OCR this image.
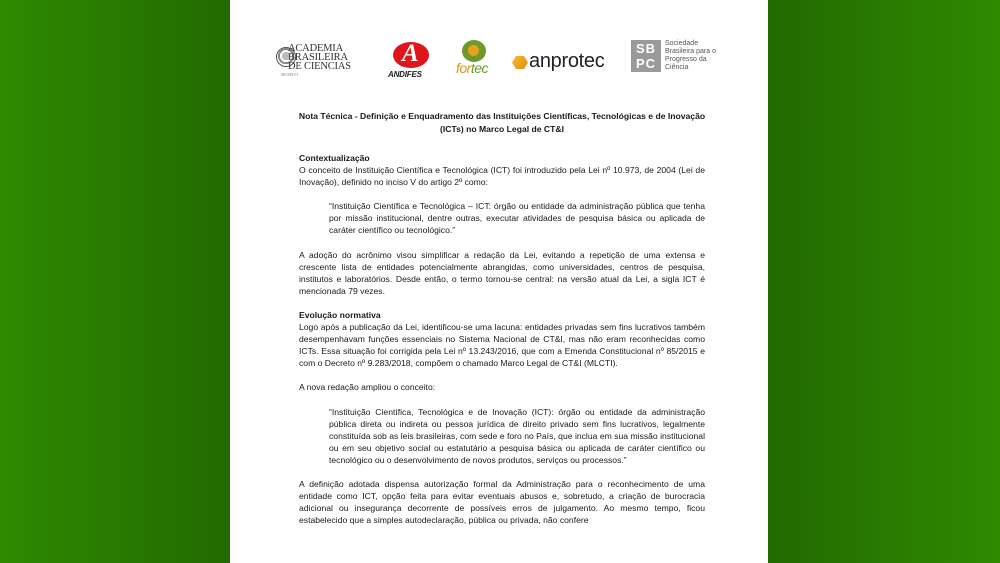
ACADEMIA
BRASILEIRA
DE CIENCIAS
MCMXVI
A
ANDIFES fortec anprotec
SB
PC
Sociedade
Brasileira para o
Progresso da
Ciência
Nota Técnica - Definição e Enquadramento das Instituições Científicas, Tecnológicas e de Inovação (ICTs) no Marco Legal de CT&I

Contextualização

O conceito de Instituição Científica e Tecnológica (ICT) foi introduzido pela Lei nº 10.973, de 2004 (Lei de Inovação), definido no inciso V do artigo 2º como:

“Instituição Científica e Tecnológica – ICT: órgão ou entidade da administração pública que tenha por missão institucional, dentre outras, executar atividades de pesquisa básica ou aplicada de caráter científico ou tecnológico.”

A adoção do acrônimo visou simplificar a redação da Lei, evitando a repetição de uma extensa e crescente lista de entidades potencialmente abrangidas, como universidades, centros de pesquisa, institutos e laboratórios. Desde então, o termo tornou-se central: na versão atual da Lei, a sigla ICT é mencionada 79 vezes.

Evolução normativa

Logo após a publicação da Lei, identificou-se uma lacuna: entidades privadas sem fins lucrativos também desempenhavam funções essenciais no Sistema Nacional de CT&I, mas não eram reconhecidas como ICTs. Essa situação foi corrigida pela Lei nº 13.243/2016, que com a Emenda Constitucional nº 85/2015 e com o Decreto nº 9.283/2018, compõem o chamado Marco Legal de CT&I (MLCTI).

A nova redação ampliou o conceito:

“Instituição Científica, Tecnológica e de Inovação (ICT): órgão ou entidade da administração pública direta ou indireta ou pessoa jurídica de direito privado sem fins lucrativos, legalmente constituída sob as leis brasileiras, com sede e foro no País, que inclua em sua missão institucional ou em seu objetivo social ou estatutário a pesquisa básica ou aplicada de caráter científico ou tecnológico ou o desenvolvimento de novos produtos, serviços ou processos.”

A definição adotada dispensa autorização formal da Administração para o reconhecimento de uma entidade como ICT, opção feita para evitar eventuais abusos e, sobretudo, a criação de burocracia adicional ou insegurança decorrente de possíveis erros de julgamento. Ao mesmo tempo, ficou estabelecido que a simples autodeclaração, pública ou privada, não confere
